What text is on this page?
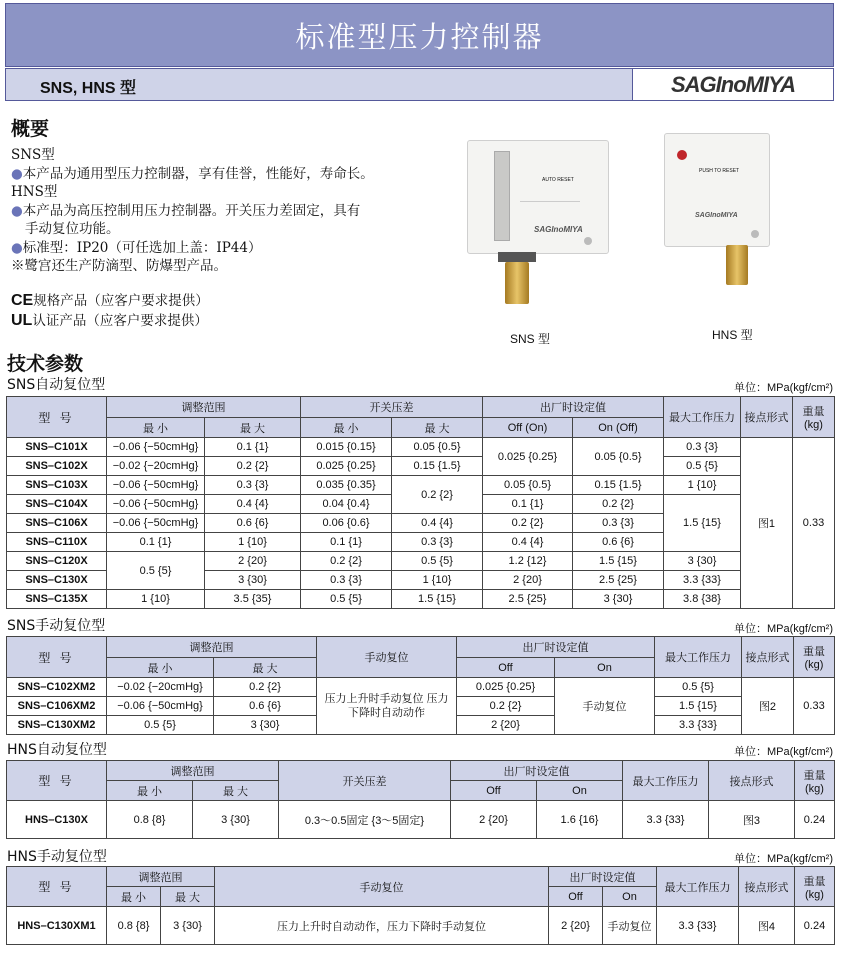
标准型压力控制器
SNS, HNS 型	SAGInoMIYA
概要
SNS型
●本产品为通用型压力控制器，享有佳誉，性能好，寿命长。
HNS型
●本产品为高压控制用压力控制器。开关压力差固定，具有
手动复位功能。
●标准型：IP20（可任选加上盖：IP44）
※鹭宫还生产防滴型、防爆型产品。
CE规格产品（应客户要求提供）
UL认证产品（应客户要求提供）
AUTO RESET
SAGInoMIYA
SNS 型
PUSH TO RESET
SAGInoMIYA
HNS 型
技术参数
SNS自动复位型	单位：MPa(kgf/cm²)
型 号	调整范围		开关压差		出厂时设定值		最大工作压力	接点形式	重量 (kg)
	最 小	最 大	最 小	最 大	Off (On)	On (Off)			
SNS–C101X	−0.06 {−50cmHg}	0.1 {1}	0.015 {0.15}	0.05 {0.5}	0.025 {0.25}	0.05 {0.5}	0.3 {3}	图1	0.33
SNS–C102X	−0.02 {−20cmHg}	0.2 {2}	0.025 {0.25}	0.15 {1.5}			0.5 {5}		
SNS–C103X	−0.06 {−50cmHg}	0.3 {3}	0.035 {0.35}	0.2 {2}	0.05 {0.5}	0.15 {1.5}	1 {10}		
SNS–C104X	−0.06 {−50cmHg}	0.4 {4}	0.04 {0.4}		0.1 {1}	0.2 {2}	1.5 {15}		
SNS–C106X	−0.06 {−50cmHg}	0.6 {6}	0.06 {0.6}	0.4 {4}	0.2 {2}	0.3 {3}			
SNS–C110X	0.1 {1}	1 {10}	0.1 {1}	0.3 {3}	0.4 {4}	0.6 {6}			
SNS–C120X	0.5 {5}	2 {20}	0.2 {2}	0.5 {5}	1.2 {12}	1.5 {15}	3 {30}		
SNS–C130X		3 {30}	0.3 {3}	1 {10}	2 {20}	2.5 {25}	3.3 {33}		
SNS–C135X	1 {10}	3.5 {35}	0.5 {5}	1.5 {15}	2.5 {25}	3 {30}	3.8 {38}		
SNS手动复位型	单位：MPa(kgf/cm²)
型 号	调整范围		手动复位	出厂时设定值		最大工作压力	接点形式	重量 (kg)
	最 小	最 大		Off	On			
SNS–C102XM2	−0.02 {−20cmHg}	0.2 {2}	压力上升时手动复位 压力下降时自动动作	0.025 {0.25}	手动复位	0.5 {5}	图2	0.33
SNS–C106XM2	−0.06 {−50cmHg}	0.6 {6}		0.2 {2}		1.5 {15}		
SNS–C130XM2	0.5 {5}	3 {30}		2 {20}		3.3 {33}		
HNS自动复位型	单位：MPa(kgf/cm²)
型 号	调整范围		开关压差	出厂时设定值		最大工作压力	接点形式	重量 (kg)
	最 小	最 大		Off	On			
HNS–C130X	0.8 {8}	3 {30}	0.3～0.5固定 {3～5固定}	2 {20}	1.6 {16}	3.3 {33}	图3	0.24
HNS手动复位型	单位：MPa(kgf/cm²)
型 号	调整范围		手动复位	出厂时设定值		最大工作压力	接点形式	重量 (kg)
	最 小	最 大		Off	On			
HNS–C130XM1	0.8 {8}	3 {30}	压力上升时自动动作，压力下降时手动复位	2 {20}	手动复位	3.3 {33}	图4	0.24
